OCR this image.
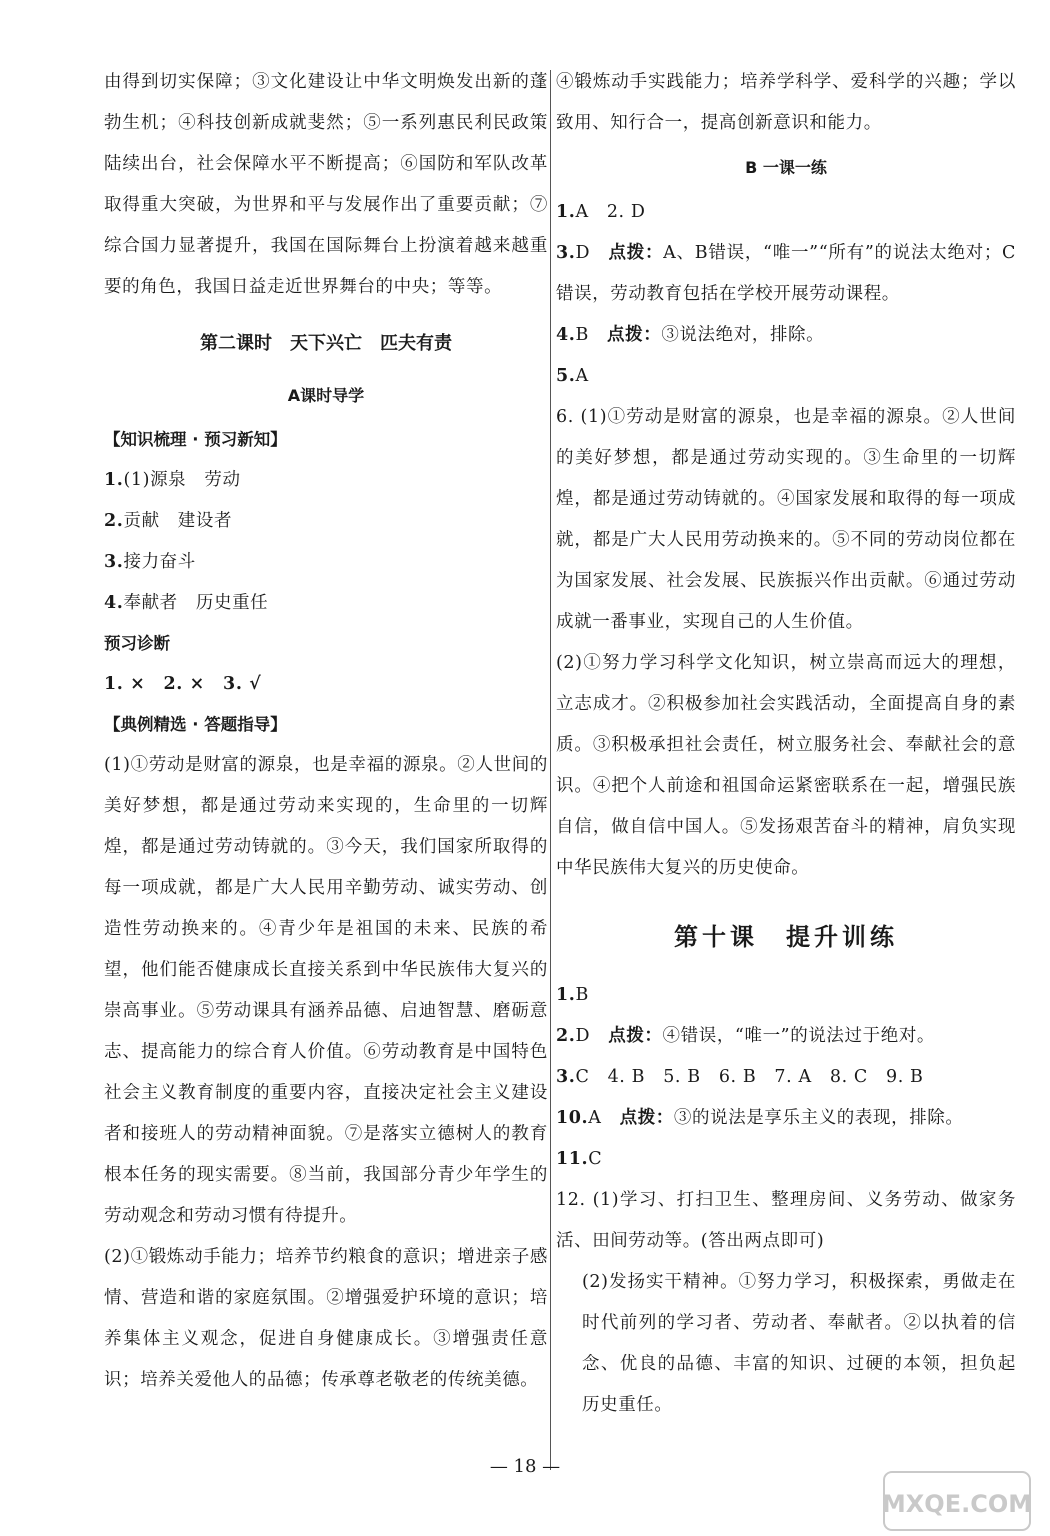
由得到切实保障；③文化建设让中华文明焕发出新的蓬勃生机；④科技创新成就斐然；⑤一系列惠民利民政策陆续出台，社会保障水平不断提高；⑥国防和军队改革取得重大突破，为世界和平与发展作出了重要贡献；⑦综合国力显著提升，我国在国际舞台上扮演着越来越重要的角色，我国日益走近世界舞台的中央；等等。

第二课时　天下兴亡　匹夫有责
A课时导学
【知识梳理 · 预习新知】
1.(1)源泉　劳动
2.贡献　建设者
3.接力奋斗
4.奉献者　历史重任
预习诊断
1. ×　2. ×　3. √
【典例精选 · 答题指导】

(1)①劳动是财富的源泉，也是幸福的源泉。②人世间的美好梦想，都是通过劳动来实现的，生命里的一切辉煌，都是通过劳动铸就的。③今天，我们国家所取得的每一项成就，都是广大人民用辛勤劳动、诚实劳动、创造性劳动换来的。④青少年是祖国的未来、民族的希望，他们能否健康成长直接关系到中华民族伟大复兴的崇高事业。⑤劳动课具有涵养品德、启迪智慧、磨砺意志、提高能力的综合育人价值。⑥劳动教育是中国特色社会主义教育制度的重要内容，直接决定社会主义建设者和接班人的劳动精神面貌。⑦是落实立德树人的教育根本任务的现实需要。⑧当前，我国部分青少年学生的劳动观念和劳动习惯有待提升。

(2)①锻炼动手能力；培养节约粮食的意识；增进亲子感情、营造和谐的家庭氛围。②增强爱护环境的意识；培养集体主义观念，促进自身健康成长。③增强责任意识；培养关爱他人的品德；传承尊老敬老的传统美德。

④锻炼动手实践能力；培养学科学、爱科学的兴趣；学以致用、知行合一，提高创新意识和能力。

B 一课一练
1.A　2. D
3.D　点拨：A、B错误，“唯一”“所有”的说法太绝对；C错误，劳动教育包括在学校开展劳动课程。
4.B　点拨：③说法绝对，排除。
5.A

6. (1)①劳动是财富的源泉，也是幸福的源泉。②人世间的美好梦想，都是通过劳动实现的。③生命里的一切辉煌，都是通过劳动铸就的。④国家发展和取得的每一项成就，都是广大人民用劳动换来的。⑤不同的劳动岗位都在为国家发展、社会发展、民族振兴作出贡献。⑥通过劳动成就一番事业，实现自己的人生价值。

(2)①努力学习科学文化知识，树立崇高而远大的理想，立志成才。②积极参加社会实践活动，全面提高自身的素质。③积极承担社会责任，树立服务社会、奉献社会的意识。④把个人前途和祖国命运紧密联系在一起，增强民族自信，做自信中国人。⑤发扬艰苦奋斗的精神，肩负实现中华民族伟大复兴的历史使命。

第十课　提升训练
1.B
2.D　点拨：④错误，“唯一”的说法过于绝对。
3.C　4. B　5. B　6. B　7. A　8. C　9. B
10.A　点拨：③的说法是享乐主义的表现，排除。
11.C

12. (1)学习、打扫卫生、整理房间、义务劳动、做家务活、田间劳动等。(答出两点即可)

(2)发扬实干精神。①努力学习，积极探索，勇做走在时代前列的学习者、劳动者、奉献者。②以执着的信念、优良的品德、丰富的知识、过硬的本领，担负起历史重任。

— 18 —
MXQE.COM
